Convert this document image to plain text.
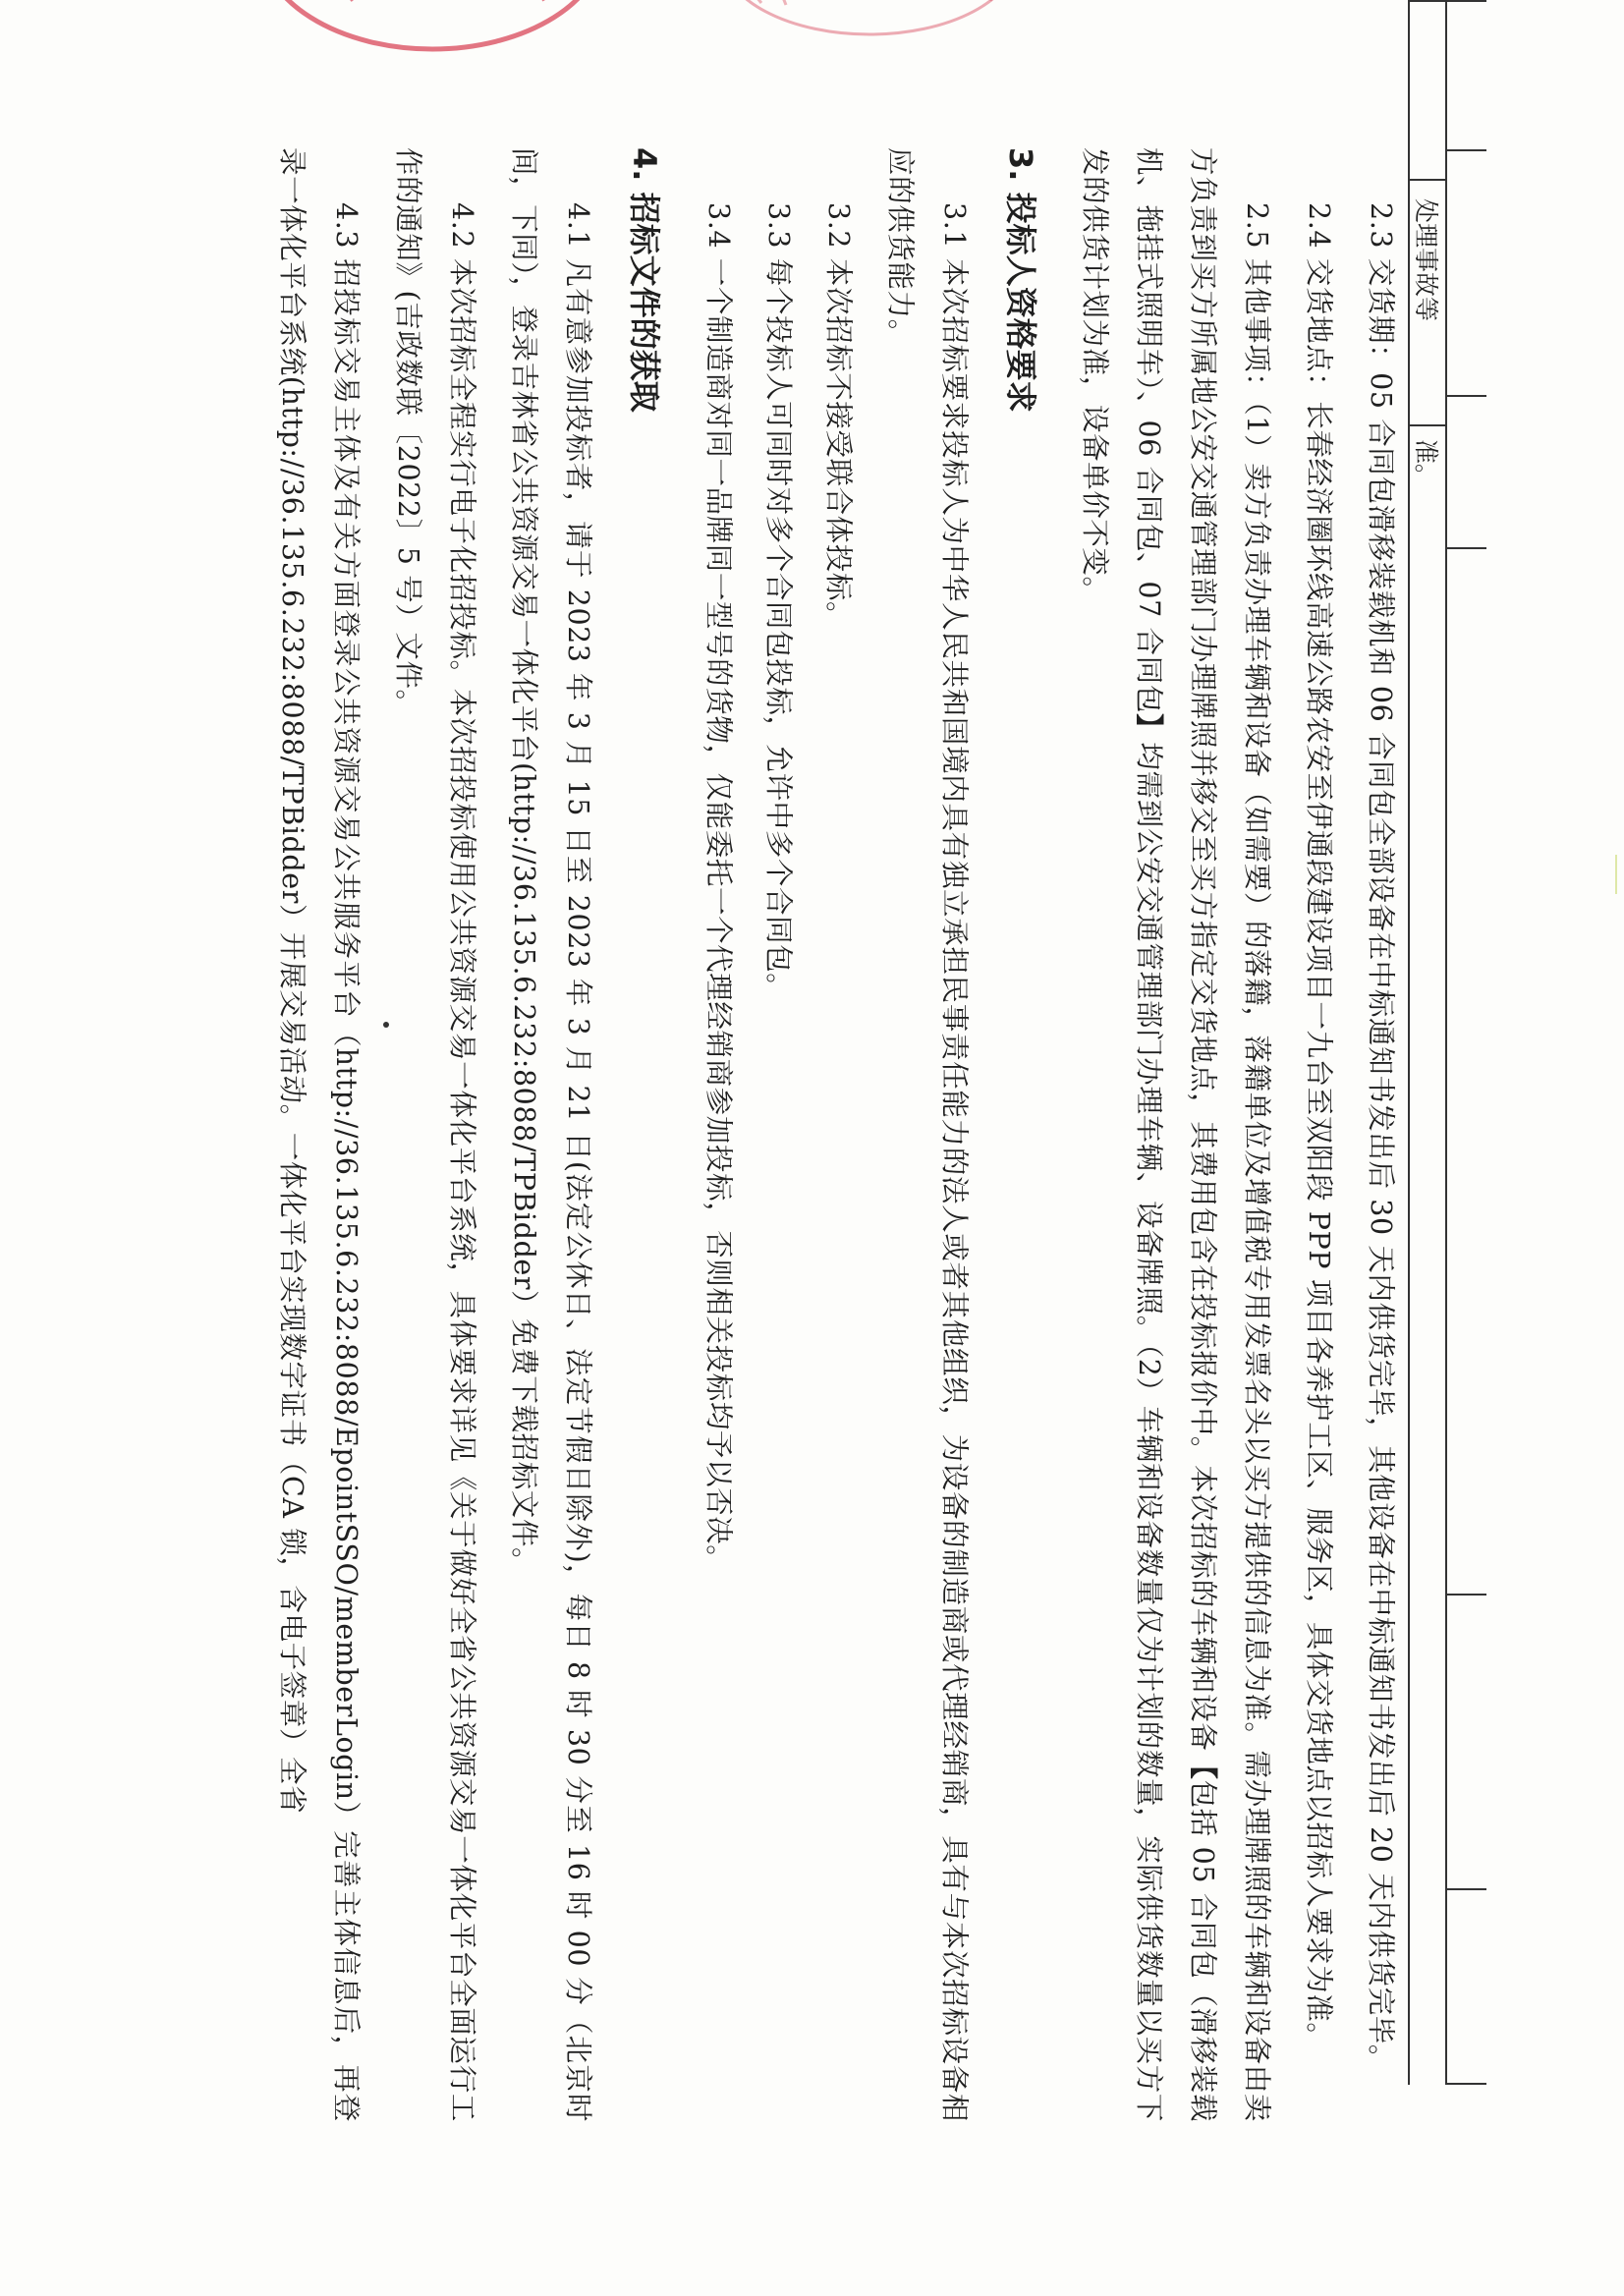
处理事故等
准。

2.3 交货期：05 合同包滑移装载机和 06 合同包全部设备在中标通知书发出后 30 天内供货完毕，其他设备在中标通知书发出后 20 天内供货完毕。

2.4 交货地点：长春经济圈环线高速公路农安至伊通段建设项目一九台至双阳段 PPP 项目各养护工区、服务区，具体交货地点以招标人要求为准。

2.5 其他事项：（1）卖方负责办理车辆和设备（如需要）的落籍，落籍单位及增值税专用发票名头以买方提供的信息为准。需办理牌照的车辆和设备由卖方负责到买方所属地公安交通管理部门办理牌照并移交至买方指定交货地点，其费用包含在投标报价中。本次招标的车辆和设备【包括 05 合同包（滑移装载机、拖挂式照明车）、06 合同包、07 合同包】均需到公安交通管理部门办理车辆、设备牌照。（2）车辆和设备数量仅为计划的数量，实际供货数量以买方下发的供货计划为准，设备单价不变。

3. 投标人资格要求

3.1 本次招标要求投标人为中华人民共和国境内具有独立承担民事责任能力的法人或者其他组织，为设备的制造商或代理经销商，具有与本次招标设备相应的供货能力。

3.2 本次招标不接受联合体投标。

3.3 每个投标人可同时对多个合同包投标，允许中多个合同包。

3.4 一个制造商对同一品牌同一型号的货物，仅能委托一个代理经销商参加投标，否则相关投标均予以否决。

4. 招标文件的获取

4.1 凡有意参加投标者，请于 2023 年 3 月 15 日至 2023 年 3 月 21 日(法定公休日、法定节假日除外)，每日 8 时 30 分至 16 时 00 分（北京时间，下同），登录吉林省公共资源交易一体化平台(http://36.135.6.232:8088/TPBidder）免费下载招标文件。

4.2 本次招标全程实行电子化招投标。本次招投标使用公共资源交易一体化平台系统，具体要求详见《关于做好全省公共资源交易一体化平台全面运行工作的通知》(吉政数联〔2022〕5 号）文件。

4.3 招投标交易主体及有关方面登录公共资源交易公共服务平台（http://36.135.6.232:8088/EpointSSO/memberLogin）完善主体信息后，再登录一体化平台系统(http://36.135.6.232:8088/TPBidder）开展交易活动。一体化平台实现数字证书（CA 锁，含电子签章）全省
